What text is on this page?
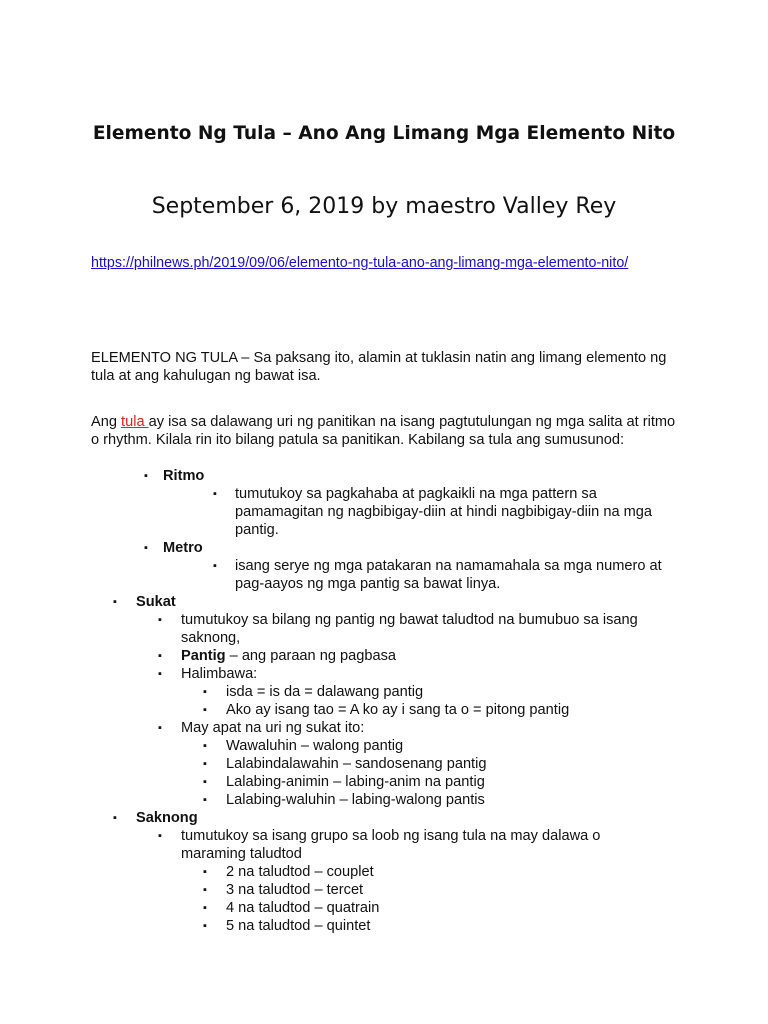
Elemento Ng Tula – Ano Ang Limang Mga Elemento Nito
September 6, 2019 by maestro Valley Rey
https://philnews.ph/2019/09/06/elemento-ng-tula-ano-ang-limang-mga-elemento-nito/

ELEMENTO NG TULA – Sa paksang ito, alamin at tuklasin natin ang limang elemento ng tula at ang kahulugan ng bawat isa.

Ang tula ay isa sa dalawang uri ng panitikan na isang pagtutulungan ng mga salita at ritmo o rhythm. Kilala rin ito bilang patula sa panitikan. Kabilang sa tula ang sumusunod:

▪ Ritmo
▪ tumutukoy sa pagkahaba at pagkaikli na mga pattern sa pamamagitan ng nagbibigay-diin at hindi nagbibigay-diin na mga pantig.
▪ Metro
▪ isang serye ng mga patakaran na namamahala sa mga numero at pag-aayos ng mga pantig sa bawat linya.
▪ Sukat
▪ tumutukoy sa bilang ng pantig ng bawat taludtod na bumubuo sa isang saknong,
▪ Pantig – ang paraan ng pagbasa
▪ Halimbawa:
▪ isda = is da = dalawang pantig
▪ Ako ay isang tao = A ko ay i sang ta o = pitong pantig
▪ May apat na uri ng sukat ito:
▪ Wawaluhin – walong pantig
▪ Lalabindalawahin – sandosenang pantig
▪ Lalabing-animin – labing-anim na pantig
▪ Lalabing-waluhin – labing-walong pantis
▪ Saknong
▪ tumutukoy sa isang grupo sa loob ng isang tula na may dalawa o maraming taludtod
▪ 2 na taludtod – couplet
▪ 3 na taludtod – tercet
▪ 4 na taludtod – quatrain
▪ 5 na taludtod – quintet
